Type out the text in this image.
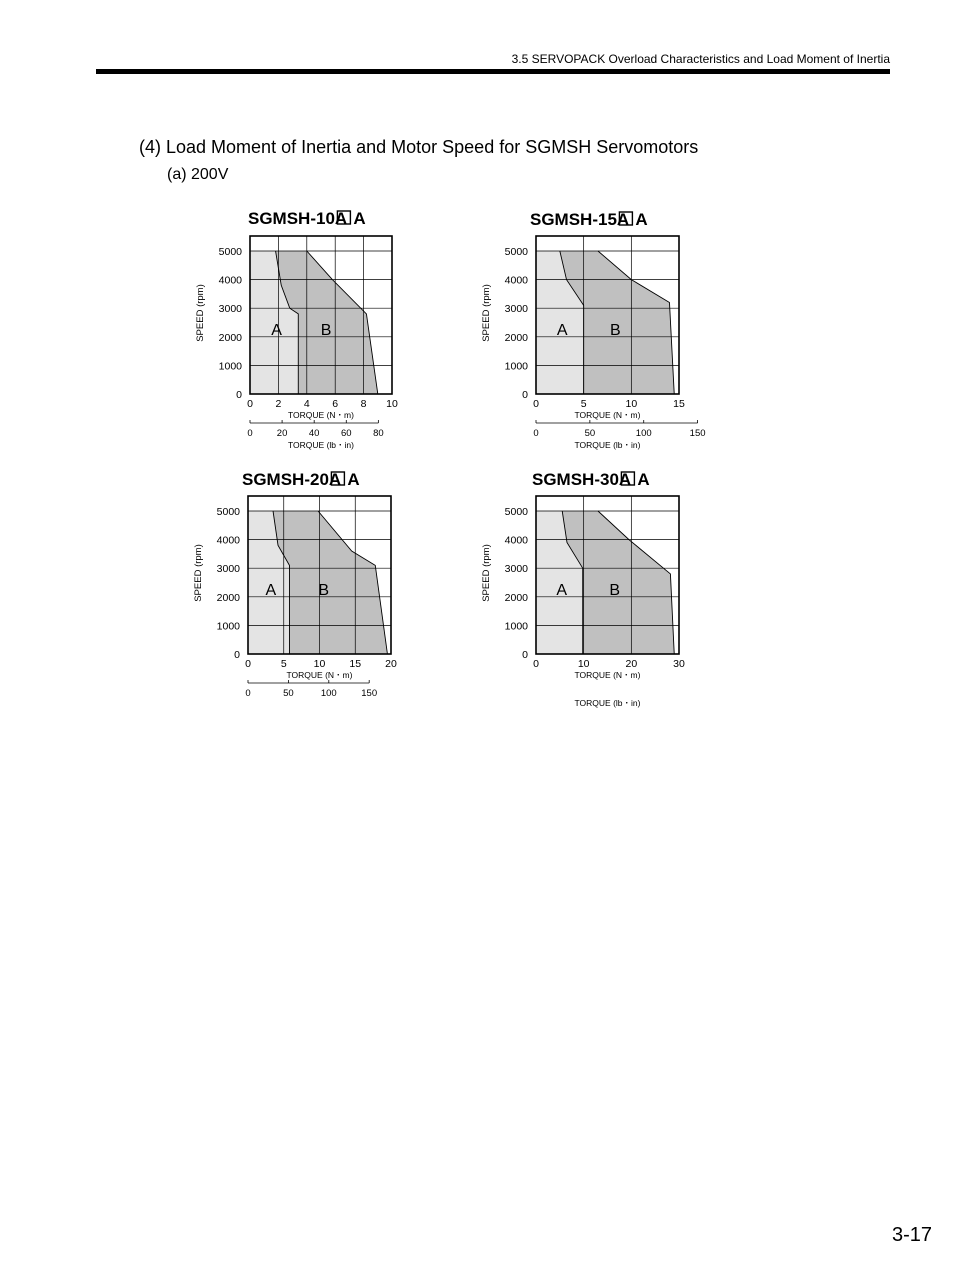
3.5 SERVOPACK Overload Characteristics and Load Moment of Inertia
(4) Load Moment of Inertia and Motor Speed for SGMSH Servomotors
(a) 200V
SGMSH-10A A
0
1000
2000
3000
4000
5000
SPEED (rpm)
0 2 4 6 8 10
TORQUE (N・m)
0	20 40 60 80
TORQUE (lb・in)
A B
SGMSH-15A A
0
1000
2000
3000
4000
5000
SPEED (rpm)
0	5	10	15
TORQUE (N・m)
0	50	100	150
TORQUE (lb・in)
A	B
SGMSH-20A A
0
1000
2000
3000
4000
5000
SPEED (rpm)
0	5	10 15 20
TORQUE (N・m)
0	50	100	150
A	B
SGMSH-30A A
0
1000
2000
3000
4000
5000
SPEED (rpm)
0	10	20	30
TORQUE (N・m)
TORQUE (lb・in)
A	B
3-17
